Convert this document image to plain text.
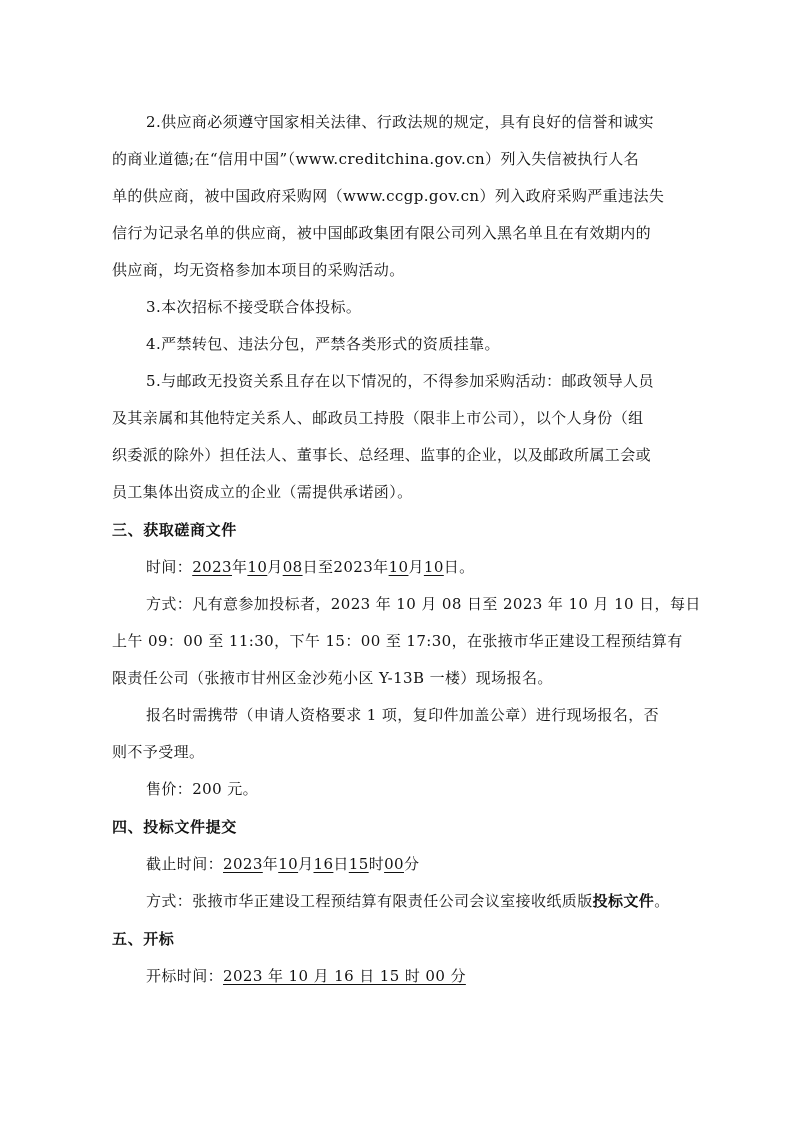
2.供应商必须遵守国家相关法律、行政法规的规定，具有良好的信誉和诚实
的商业道德;在“信用中国”（www.creditchina.gov.cn）列入失信被执行人名
单的供应商，被中国政府采购网（www.ccgp.gov.cn）列入政府采购严重违法失
信行为记录名单的供应商，被中国邮政集团有限公司列入黑名单且在有效期内的
供应商，均无资格参加本项目的采购活动。
3.本次招标不接受联合体投标。
4.严禁转包、违法分包，严禁各类形式的资质挂靠。
5.与邮政无投资关系且存在以下情况的，不得参加采购活动：邮政领导人员
及其亲属和其他特定关系人、邮政员工持股（限非上市公司），以个人身份（组
织委派的除外）担任法人、董事长、总经理、监事的企业，以及邮政所属工会或
员工集体出资成立的企业（需提供承诺函）。
三、获取磋商文件
时间：2023年10月08日至2023年10月10日。
方式：凡有意参加投标者，2023 年 10 月 08 日至 2023 年 10 月 10 日，每日
上午 09：00 至 11:30，下午 15：00 至 17:30，在张掖市华正建设工程预结算有
限责任公司（张掖市甘州区金沙苑小区 Y-13B 一楼）现场报名。
报名时需携带（申请人资格要求 1 项，复印件加盖公章）进行现场报名，否
则不予受理。
售价：200 元。
四、投标文件提交
截止时间：2023年10月16日15时00分
方式：张掖市华正建设工程预结算有限责任公司会议室接收纸质版投标文件。
五、开标
开标时间：2023 年 10 月 16 日 15 时 00 分
